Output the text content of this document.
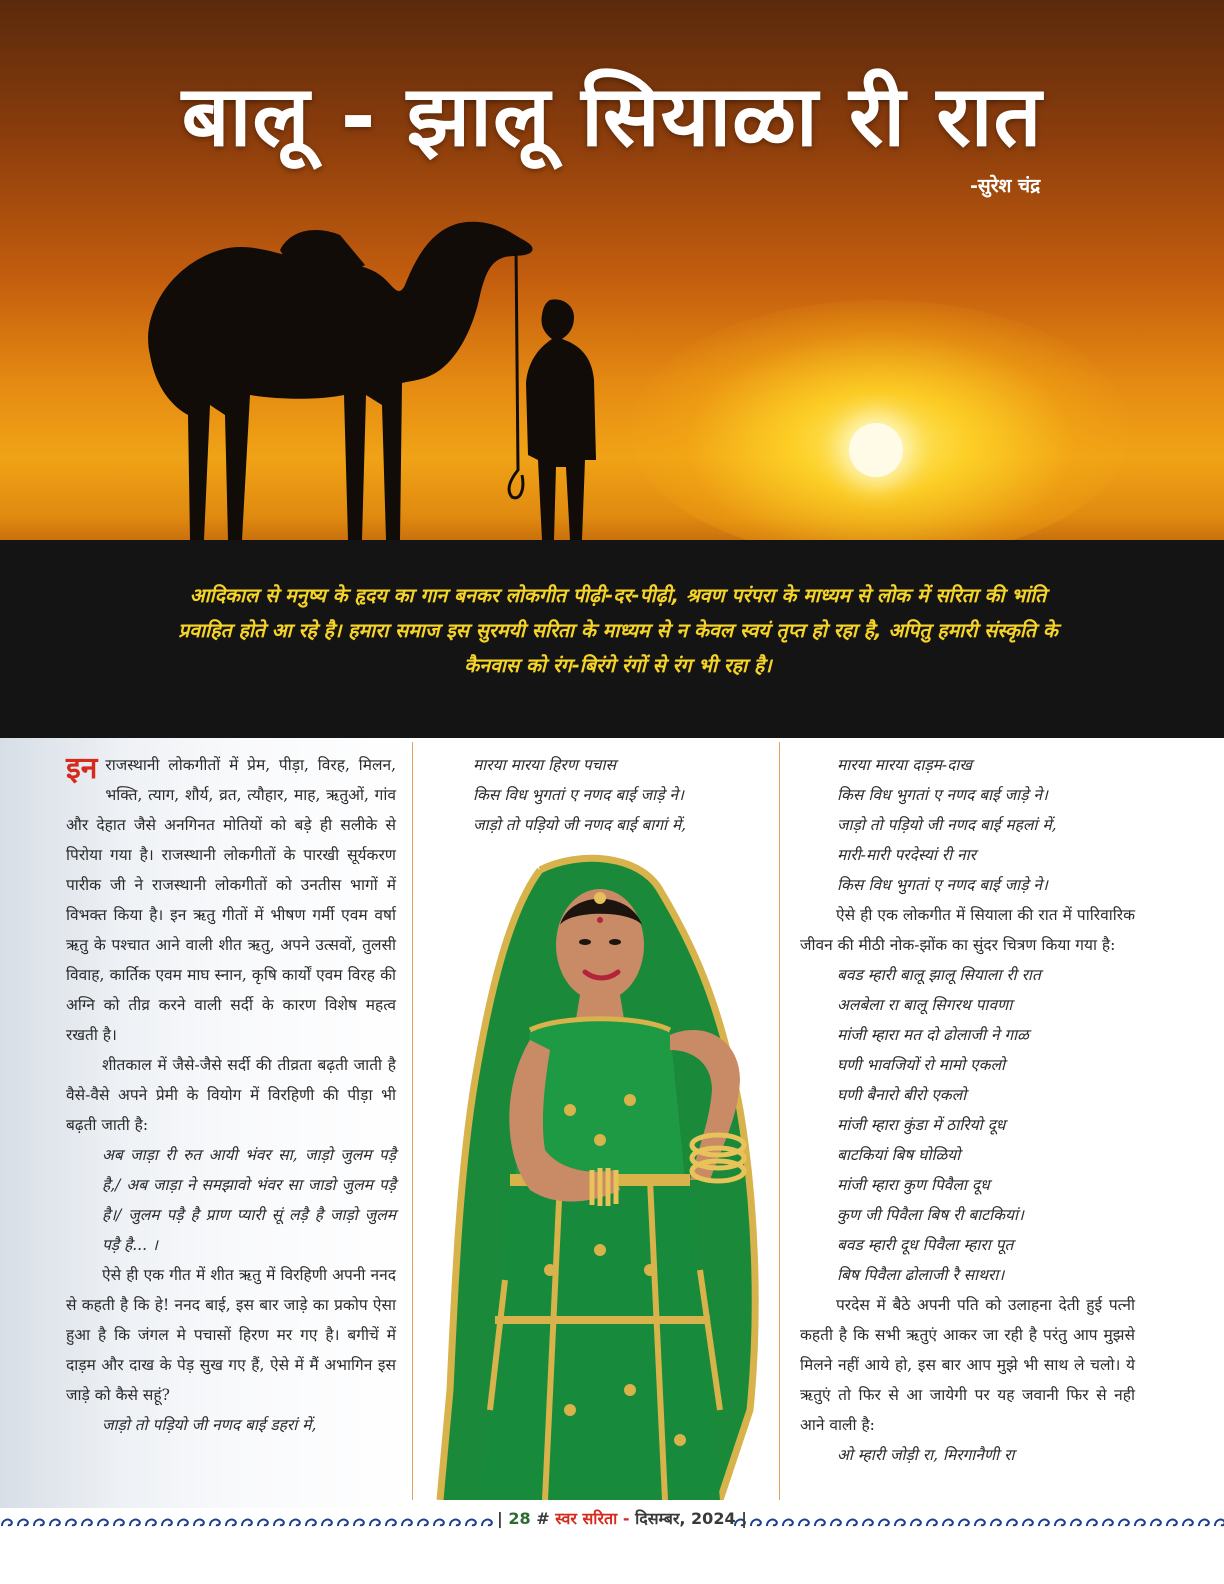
बालू - झालू सियाळा री रात
-सुरेश चंद्र

आदिकाल से मनुष्य के हृदय का गान बनकर लोकगीत पीढ़ी-दर-पीढ़ी, श्रवण परंपरा के माध्यम से लोक में सरिता की भांति प्रवाहित होते आ रहे है। हमारा समाज इस सुरमयी सरिता के माध्यम से न केवल स्वयं तृप्त हो रहा है, अपितु हमारी संस्कृति के कैनवास को रंग-बिरंगे रंगों से रंग भी रहा है।

इन राजस्थानी लोकगीतों में प्रेम, पीड़ा, विरह, मिलन, भक्ति, त्याग, शौर्य, व्रत, त्यौहार, माह, ऋतुओं, गांव और देहात जैसे अनगिनत मोतियों को बड़े ही सलीके से पिरोया गया है। राजस्थानी लोकगीतों के पारखी सूर्यकरण पारीक जी ने राजस्थानी लोकगीतों को उनतीस भागों में विभक्त किया है। इन ऋतु गीतों में भीषण गर्मी एवम वर्षा ऋतु के पश्चात आने वाली शीत ऋतु, अपने उत्सवों, तुलसी विवाह, कार्तिक एवम माघ स्नान, कृषि कार्यों एवम विरह की अग्नि को तीव्र करने वाली सर्दी के कारण विशेष महत्व रखती है।

शीतकाल में जैसे-जैसे सर्दी की तीव्रता बढ़ती जाती है वैसे-वैसे अपने प्रेमी के वियोग में विरहिणी की पीड़ा भी बढ़ती जाती है:

अब जाड़ा री रुत आयी भंवर सा, जाड़ो जुलम पड़ै है,/ अब जाड़ा ने समझावो भंवर सा जाडो जुलम पड़ै है।/ जुलम पड़ै है प्राण प्यारी सूं लड़ै है जाड़ो जुलम पड़ै है... ।

ऐसे ही एक गीत में शीत ऋतु में विरहिणी अपनी ननद से कहती है कि हे! ननद बाई, इस बार जाड़े का प्रकोप ऐसा हुआ है कि जंगल मे पचासों हिरण मर गए है। बगीचें में दाड़म और दाख के पेड़ सुख गए हैं, ऐसे में मैं अभागिन इस जाड़े को कैसे सहूं?

जाड़ो तो पड़ियो जी नणद बाई डहरां में,

मारया मारया हिरण पचास
किस विध भुगतां ए नणद बाई जाड़े ने।
जाड़ो तो पड़ियो जी नणद बाई बागां में,
मारया मारया दाड़म-दाख
किस विध भुगतां ए नणद बाई जाड़े ने।
जाड़ो तो पड़ियो जी नणद बाई महलां में,
मारी-मारी परदेस्यां री नार
किस विध भुगतां ए नणद बाई जाड़े ने।

ऐसे ही एक लोकगीत में सियाला की रात में पारिवारिक जीवन की मीठी नोक-झोंक का सुंदर चित्रण किया गया है:

बवड म्हारी बालू झालू सियाला री रात
अलबेला रा बालू सिगरथ पावणा
मांजी म्हारा मत दो ढोलाजी ने गाळ
घणी भावजियों रो मामो एकलो
घणी बैनारो बीरो एकलो
मांजी म्हारा कुंडा में ठारियो दूध
बाटकियां बिष घोळियो
मांजी म्हारा कुण पिवैला दूध
कुण जी पिवैला बिष री बाटकियां।
बवड म्हारी दूध पिवैला म्हारा पूत
बिष पिवैला ढोलाजी रै साथरा।

परदेस में बैठे अपनी पति को उलाहना देती हुई पत्नी कहती है कि सभी ऋतुएं आकर जा रही है परंतु आप मुझसे मिलने नहीं आये हो, इस बार आप मुझे भी साथ ले चलो। ये ऋतुएं तो फिर से आ जायेगी पर यह जवानी फिर से नही आने वाली है:

ओ म्हारी जोड़ी रा, मिरगानैणी रा
| 28 # स्वर सरिता - दिसम्बर, 2024 |
